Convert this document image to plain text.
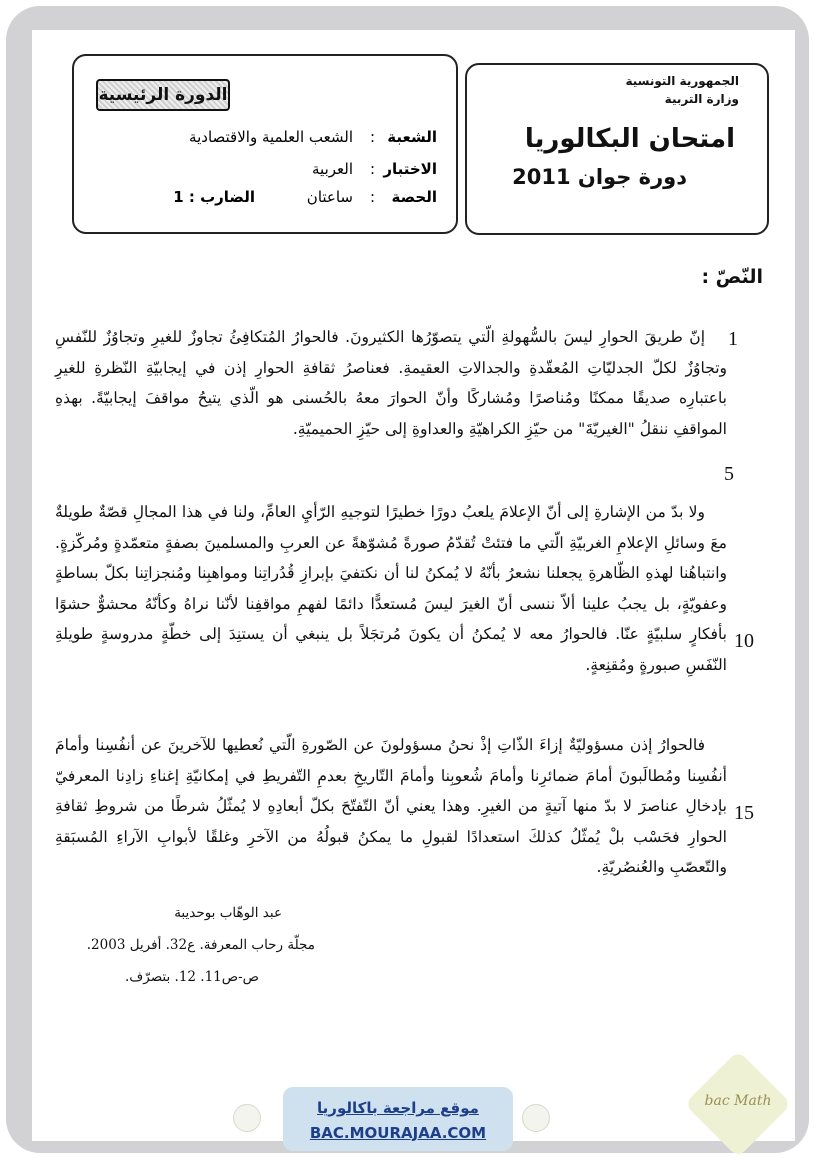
الدورة الرئيسية
الشعبة
:
الشعب العلمية والاقتصادية
الاختبار
:
العربية
الحصة
:
ساعتان
الضارب : 1
الجمهورية التونسية
وزارة التربية
امتحان البكالوريا
دورة جوان 2011
النّصّ :

إنّ طريقَ الحوارِ ليسَ بالسُّهولةِ الّتي يتصوّرُها الكثيرونَ. فالحوارُ المُتكافِئُ تجاوزٌ للغيرِ وتجاوُزٌ للنّفسِ وتجاوُزٌ لكلّ الجدليّاتِ المُعقّدةِ والجدالاتِ العقيمةِ. فعناصرُ ثقافةِ الحوارِ إذن في إيجابيّةِ النّظرةِ للغيرِ باعتبارِه صديقًا ممكنًا ومُناصرًا ومُشاركًا وأنّ الحوارَ معهُ بالحُسنى هو الّذي يتيحُ مواقفَ إيجابيّةً. بهذهِ المواقفِ ننقلُ "الغيريّةَ" من حيّزِ الكراهيّةِ والعداوةِ إلى حيّزِ الحميميّةِ.

ولا بدّ من الإشارةِ إلى أنّ الإعلامَ يلعبُ دورًا خطيرًا لتوجيهِ الرّأيِ العامِّ، ولنا في هذا المجالِ قصّةٌ طويلةٌ معَ وسائلِ الإعلامِ الغربيّةِ الّتي ما فتئتْ تُقدّمُ صورةً مُشوّهةً عن العربِ والمسلمينَ بصفةٍ متعمّدةٍ ومُركّزةٍ. وانتباهُنا لهذهِ الظّاهرةِ يجعلنا نشعرُ بأنّهُ لا يُمكنُ لنا أن نكتفيَ بإبرازِ قُدُراتِنا ومواهبِنا ومُنجزاتِنا بكلّ بساطةٍ وعفويّةٍ، بل يجبُ علينا ألاّ ننسى أنّ الغيرَ ليسَ مُستعدًّا دائمًا لفهمِ مواقفِنا لأنّنا نراهُ وكأنّهُ محشوٌّ حشوًا بأفكارٍ سلبيّةٍ عنّا. فالحوارُ معه لا يُمكنُ أن يكونَ مُرتجَلاً بل ينبغي أن يستنِدَ إلى خطّةٍ مدروسةٍ طويلةِ النّفَسِ صبورةٍ ومُقنِعةٍ.

فالحوارُ إذن مسؤوليّةٌ إزاءَ الذّاتِ إذْ نحنُ مسؤولونَ عن الصّورةِ الّتي نُعطيها للآخرينَ عن أنفُسِنا وأمامَ أنفُسِنا ومُطالَبونَ أمامَ ضمائرِنا وأمامَ شُعوبِنا وأمامَ التّاريخِ بعدمِ التّفريطِ في إمكانيّةِ إغناءِ زادِنا المعرفيّ بإدخالِ عناصرَ لا بدّ منها آتيةٍ من الغيرِ. وهذا يعني أنّ التّفتّحَ بكلّ أبعادِهِ لا يُمثّلُ شرطًا من شروطِ ثقافةِ الحوارِ فحَسْب بلْ يُمثّلُ كذلكَ استعدادًا لقبولِ ما يمكنُ قبولُهُ من الآخرِ وغلقًا لأبوابِ الآراءِ المُسبَقةِ والتّعصّبِ والعُنصُريّةِ.

1
5
10
15
عبد الوهّاب بوحديبة
مجلّة رحاب المعرفة. ع32. أفريل 2003.
ص-ص11. 12. بتصرّف.
موقع مراجعة باكالوريا
BAC.MOURAJAA.COM
bac Math
